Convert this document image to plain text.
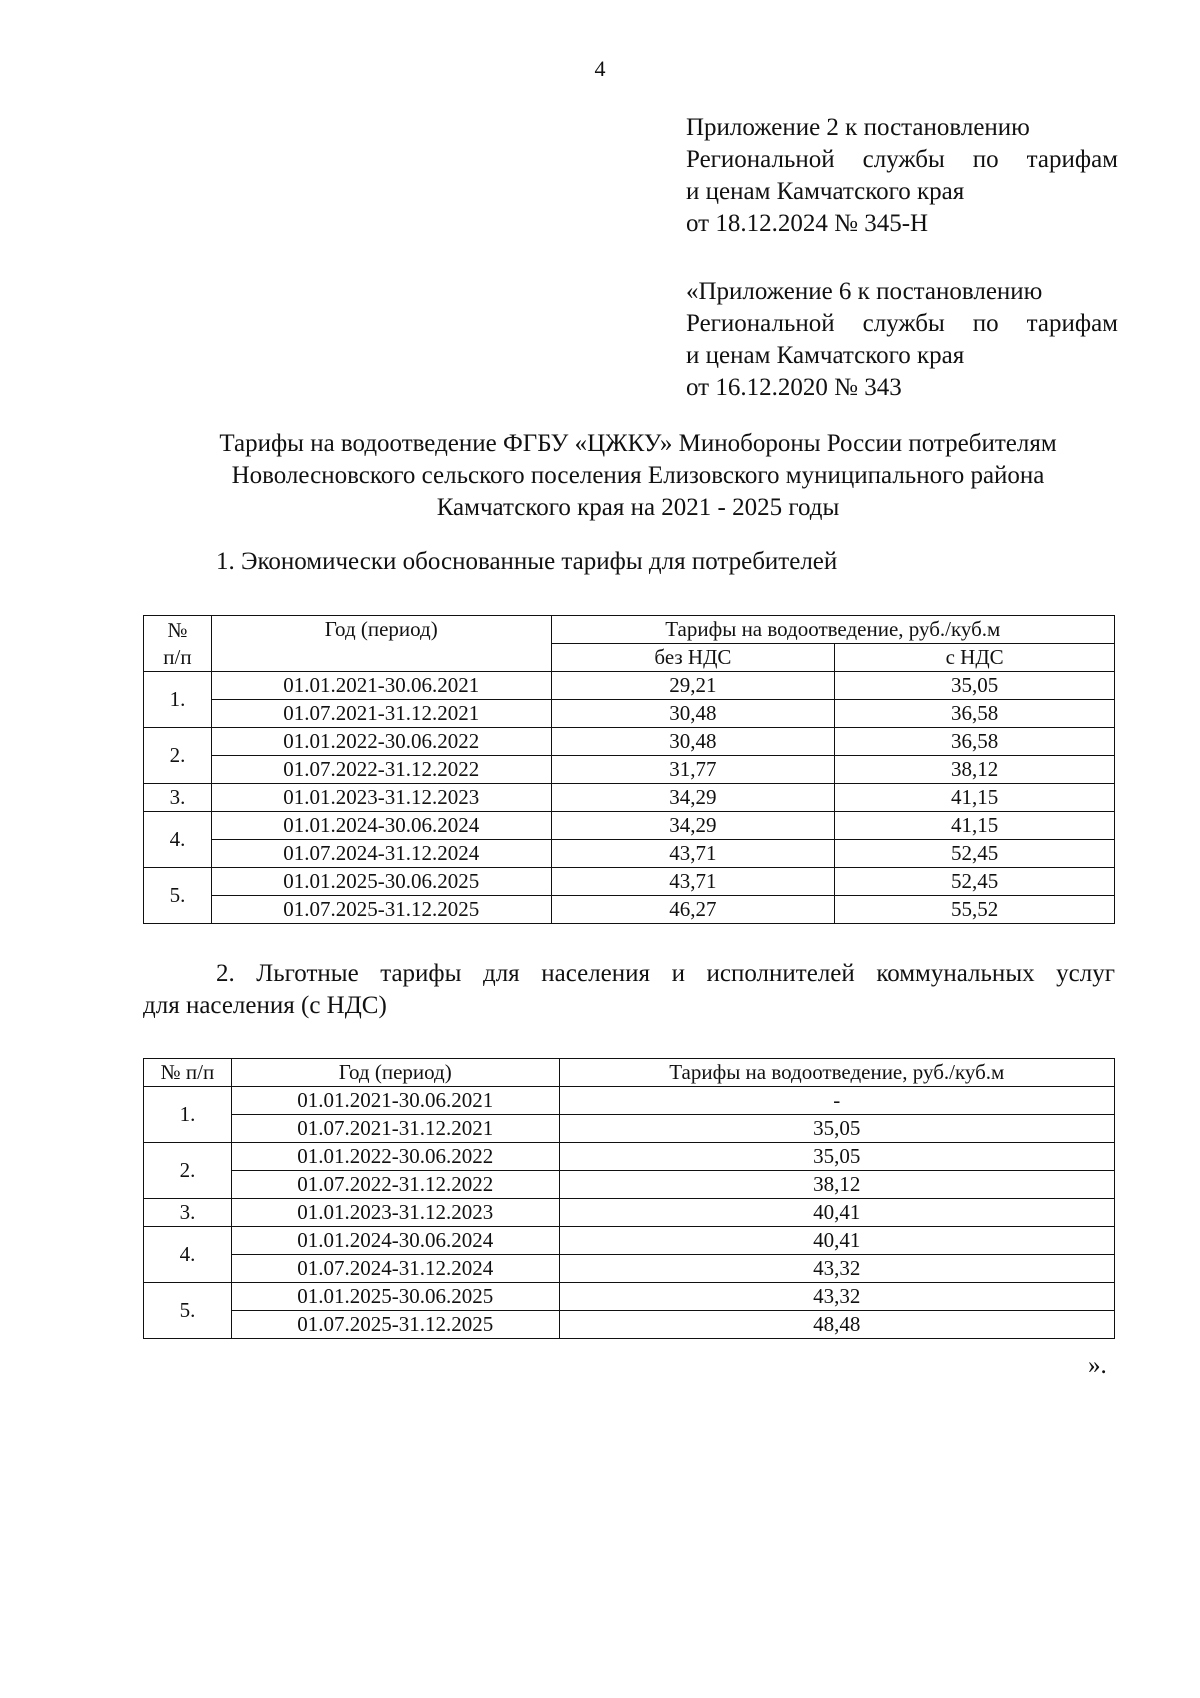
4
Приложение 2 к постановлению
Региональной службы по тарифам
и ценам Камчатского края
от 18.12.2024 № 345-Н
«Приложение 6 к постановлению
Региональной службы по тарифам
и ценам Камчатского края
от 16.12.2020 № 343
Тарифы на водоотведение ФГБУ «ЦЖКУ» Минобороны России потребителям
Новолесновского сельского поселения Елизовского муниципального района
Камчатского края на 2021 - 2025 годы
1. Экономически обоснованные тарифы для потребителей
№
п/п	Год (период)	Тарифы на водоотведение, руб./куб.м	
		без НДС	с НДС
1.	01.01.2021-30.06.2021	29,21	35,05
	01.07.2021-31.12.2021	30,48	36,58
2.	01.01.2022-30.06.2022	30,48	36,58
	01.07.2022-31.12.2022	31,77	38,12
3.	01.01.2023-31.12.2023	34,29	41,15
4.	01.01.2024-30.06.2024	34,29	41,15
	01.07.2024-31.12.2024	43,71	52,45
5.	01.01.2025-30.06.2025	43,71	52,45
	01.07.2025-31.12.2025	46,27	55,52
2. Льготные тарифы для населения и исполнителей коммунальных услуг
для населения (с НДС)
№ п/п	Год (период)	Тарифы на водоотведение, руб./куб.м
1.	01.01.2021-30.06.2021	-
	01.07.2021-31.12.2021	35,05
2.	01.01.2022-30.06.2022	35,05
	01.07.2022-31.12.2022	38,12
3.	01.01.2023-31.12.2023	40,41
4.	01.01.2024-30.06.2024	40,41
	01.07.2024-31.12.2024	43,32
5.	01.01.2025-30.06.2025	43,32
	01.07.2025-31.12.2025	48,48
».
